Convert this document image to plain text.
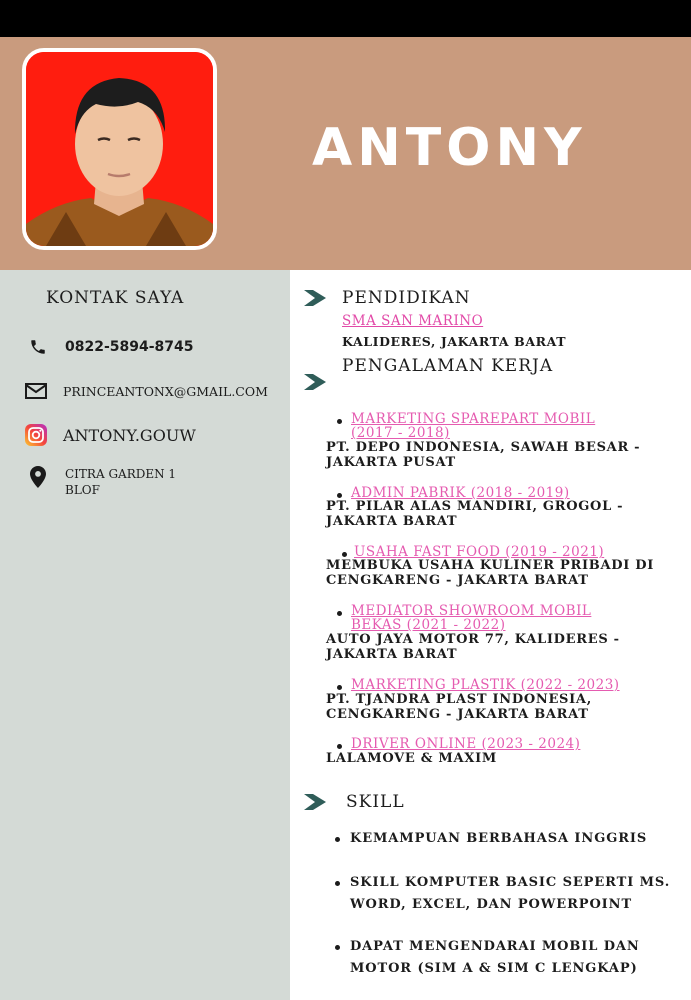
ANTONY
KONTAK SAYA
0822-5894-8745
PRINCEANTONX@GMAIL.COM
ANTONY.GOUW
CITRA GARDEN 1
BLOF
PENDIDIKAN
SMA SAN MARINO
KALIDERES, JAKARTA BARAT
PENGALAMAN KERJA
MARKETING SPAREPART MOBIL
(2017 - 2018)
PT. DEPO INDONESIA, SAWAH BESAR -
JAKARTA PUSAT
ADMIN PABRIK (2018 - 2019)
PT. PILAR ALAS MANDIRI, GROGOL -
JAKARTA BARAT
USAHA FAST FOOD (2019 - 2021)
MEMBUKA USAHA KULINER PRIBADI DI
CENGKARENG - JAKARTA BARAT
MEDIATOR SHOWROOM MOBIL
BEKAS (2021 - 2022)
AUTO JAYA MOTOR 77, KALIDERES -
JAKARTA BARAT
MARKETING PLASTIK (2022 - 2023)
PT. TJANDRA PLAST INDONESIA,
CENGKARENG - JAKARTA BARAT
DRIVER ONLINE (2023 - 2024)
LALAMOVE & MAXIM
SKILL
KEMAMPUAN BERBAHASA INGGRIS
SKILL KOMPUTER BASIC SEPERTI MS.
WORD, EXCEL, DAN POWERPOINT
DAPAT MENGENDARAI MOBIL DAN
MOTOR (SIM A & SIM C LENGKAP)
